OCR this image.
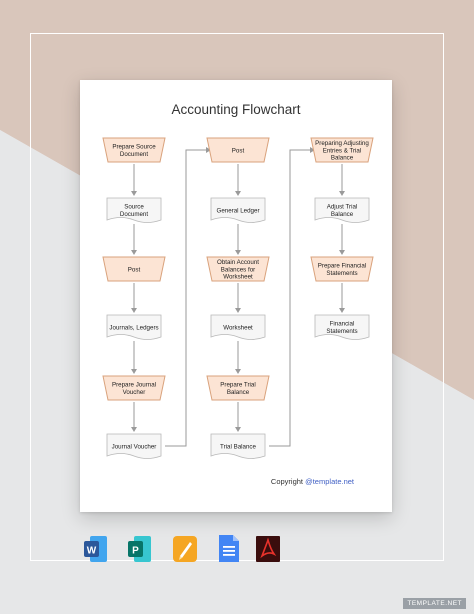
Accounting Flowchart
Prepare Source
Document
Source
Document
Post
Journals, Ledgers
Prepare Journal
Voucher
Journal Voucher
Post
General Ledger
Obtain Account
Balances for
Worksheet
Worksheet
Prepare Trial
Balance
Trial Balance
Preparing Adjusting
Entries & Trial
Balance
Adjust Trial
Balance
Prepare Financial
Statements
Financial
Statements
Copyright @template.net
W	P
TEMPLATE.NET
